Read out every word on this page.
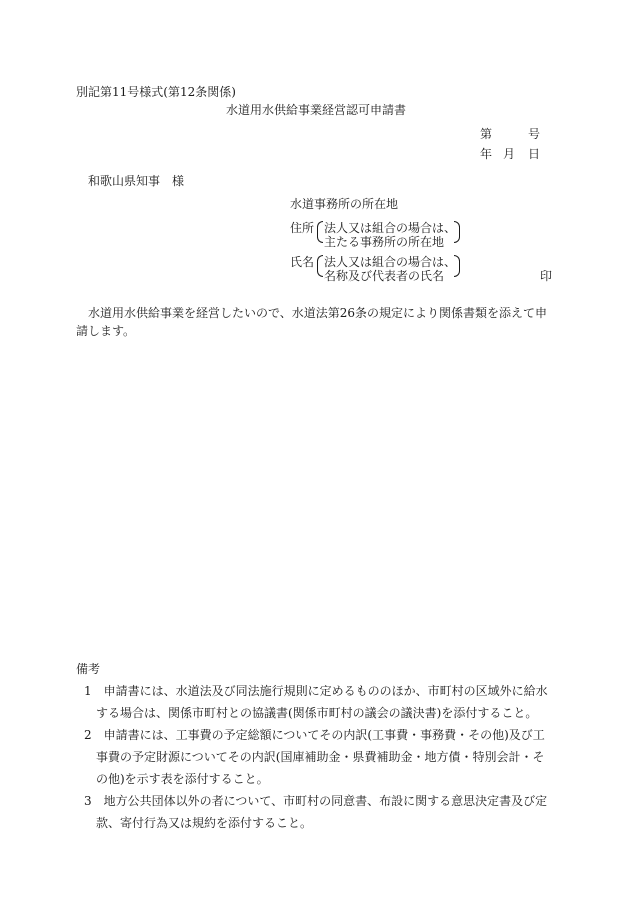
別記第11号様式(第12条関係)
水道用水供給事業経営認可申請書
第	号
年 月 日
和歌山県知事　様
水道事務所の所在地
住所 法人又は組合の場合は、
主たる事務所の所在地
氏名 法人又は組合の場合は、
名称及び代表者の氏名	印
水道用水供給事業を経営したいので、水道法第26条の規定により関係書類を添えて申請します。
備考
1　 申請書には、水道法及び同法施行規則に定めるもののほか、市町村の区域外に給水する場合は、関係市町村との協議書(関係市町村の議会の議決書)を添付すること。
2　 申請書には、工事費の予定総額についてその内訳(工事費・事務費・その他)及び工事費の予定財源についてその内訳(国庫補助金・県費補助金・地方債・特別会計・その他)を示す表を添付すること。
3　 地方公共団体以外の者について、市町村の同意書、布設に関する意思決定書及び定款、寄付行為又は規約を添付すること。
